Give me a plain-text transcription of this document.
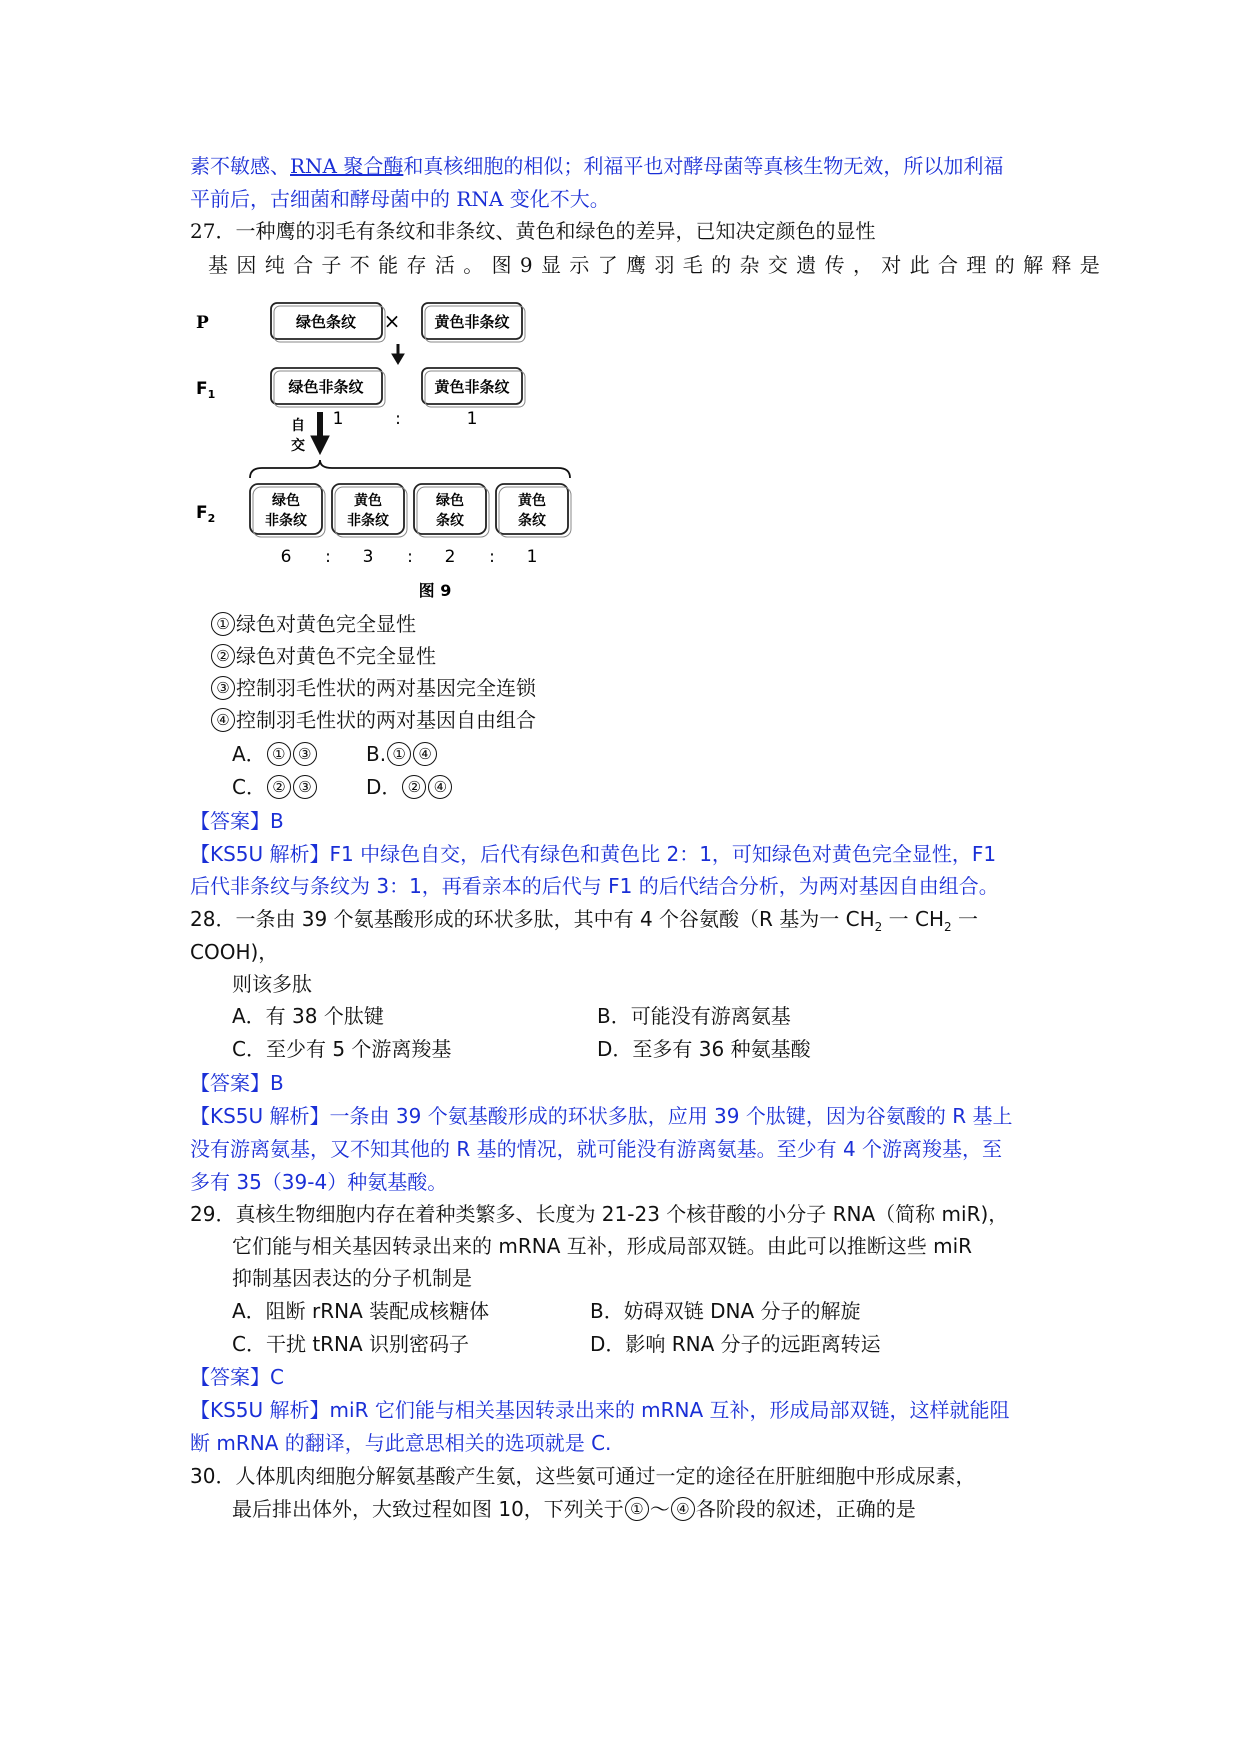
素不敏感、RNA 聚合酶和真核细胞的相似；利福平也对酵母菌等真核生物无效，所以加利福
平前后，古细菌和酵母菌中的 RNA 变化不大。
27．一种鹰的羽毛有条纹和非条纹、黄色和绿色的差异，已知决定颜色的显性
基 因 纯 合 子 不 能 存 活 。 图 9 显 示 了 鹰 羽 毛 的 杂 交 遗 传 ， 对 此 合 理 的 解 释 是
P
$F_1$
$F_2$
×
绿色条纹	黄色非条纹
绿色非条纹	黄色非条纹
1	:	1
自
交
绿色
非条纹
黄色
非条纹
绿色
条纹
黄色
条纹
6 : 3 : 2 : 1
图 9
① 绿色对黄色完全显性
② 绿色对黄色不完全显性
③ 控制羽毛性状的两对基因完全连锁
④ 控制羽毛性状的两对基因自由组合
A． ① ③	B. ① ④
C． ② ③	D． ② ④
【答案】B
【KS5U 解析】F1 中绿色自交，后代有绿色和黄色比 2：1，可知绿色对黄色完全显性，F1
后代非条纹与条纹为 3：1，再看亲本的后代与 F1 的后代结合分析，为两对基因自由组合。
28．一条由 39 个氨基酸形成的环状多肽，其中有 4 个谷氨酸（R 基为一 $CH_2$ 一 $CH_2$ 一
COOH)，
则该多肽
A．有 38 个肽键	B．可能没有游离氨基
C．至少有 5 个游离羧基	D．至多有 36 种氨基酸
【答案】B
【KS5U 解析】一条由 39 个氨基酸形成的环状多肽，应用 39 个肽键，因为谷氨酸的 R 基上
没有游离氨基，又不知其他的 R 基的情况，就可能没有游离氨基。至少有 4 个游离羧基，至
多有 35（39-4）种氨基酸。
29．真核生物细胞内存在着种类繁多、长度为 21-23 个核苷酸的小分子 RNA（简称 miR)，
它们能与相关基因转录出来的 mRNA 互补，形成局部双链。由此可以推断这些 miR
抑制基因表达的分子机制是
A．阻断 rRNA 装配成核糖体	B．妨碍双链 DNA 分子的解旋
C．干扰 tRNA 识别密码子	D．影响 RNA 分子的远距离转运
【答案】C
【KS5U 解析】miR 它们能与相关基因转录出来的 mRNA 互补，形成局部双链，这样就能阻
断 mRNA 的翻译，与此意思相关的选项就是 C.
30．人体肌肉细胞分解氨基酸产生氨，这些氨可通过一定的途径在肝脏细胞中形成尿素，
最后排出体外，大致过程如图 10，下列关于 ① ～ ④ 各阶段的叙述，正确的是
